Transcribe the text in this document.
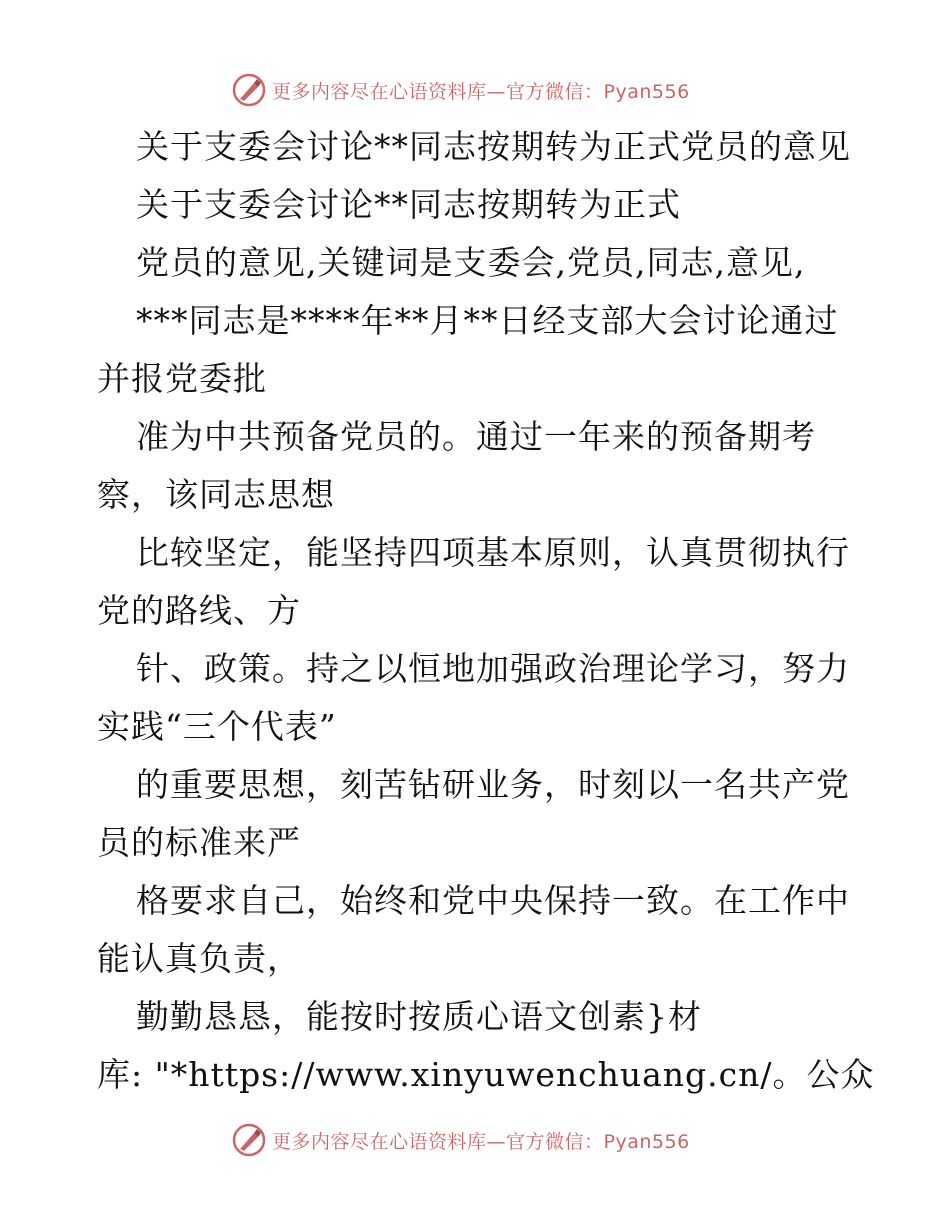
更多内容尽在心语资料库—官方微信：Pyan556
关于支委会讨论**同志按期转为正式党员的意见
关于支委会讨论**同志按期转为正式
党员的意见,关键词是支委会,党员,同志,意见,
***同志是****年**月**日经支部大会讨论通过
并报党委批
准为中共预备党员的。通过一年来的预备期考
察，该同志思想
比较坚定，能坚持四项基本原则，认真贯彻执行
党的路线、方
针、政策。持之以恒地加强政治理论学习，努力
实践“三个代表”
的重要思想，刻苦钻研业务，时刻以一名共产党
员的标准来严
格要求自己，始终和党中央保持一致。在工作中
能认真负责，
勤勤恳恳，能按时按质心语文创素}材
库: "*https://www.xinyuwenchuang.cn/。公众
更多内容尽在心语资料库—官方微信：Pyan556
